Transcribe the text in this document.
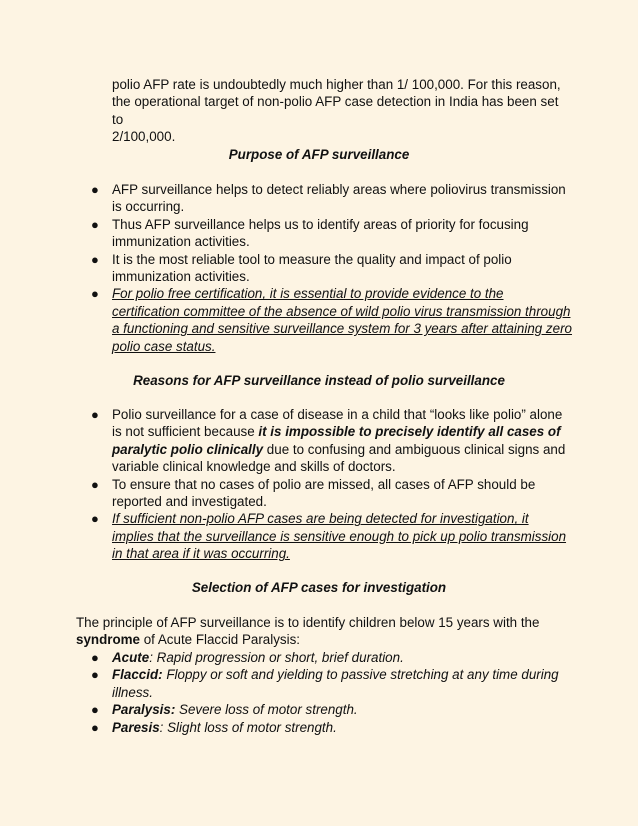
polio AFP rate is undoubtedly much higher than 1/ 100,000. For this reason,
the operational target of non-polio AFP case detection in India has been set to
2/100,000.

Purpose of AFP surveillance

● AFP surveillance helps to detect reliably areas where poliovirus transmission is occurring.
● Thus AFP surveillance helps us to identify areas of priority for focusing immunization activities.
● It is the most reliable tool to measure the quality and impact of polio immunization activities.
● For polio free certification, it is essential to provide evidence to the certification committee of the absence of wild polio virus transmission through a functioning and sensitive surveillance system for 3 years after attaining zero polio case status.

Reasons for AFP surveillance instead of polio surveillance

● Polio surveillance for a case of disease in a child that “looks like polio” alone is not sufficient because it is impossible to precisely identify all cases of paralytic polio clinically due to confusing and ambiguous clinical signs and variable clinical knowledge and skills of doctors.
● To ensure that no cases of polio are missed, all cases of AFP should be reported and investigated.
● If sufficient non-polio AFP cases are being detected for investigation, it implies that the surveillance is sensitive enough to pick up polio transmission in that area if it was occurring.

Selection of AFP cases for investigation

The principle of AFP surveillance is to identify children below 15 years with the syndrome of Acute Flaccid Paralysis:
● Acute: Rapid progression or short, brief duration.
● Flaccid: Floppy or soft and yielding to passive stretching at any time during illness.
● Paralysis: Severe loss of motor strength.
● Paresis: Slight loss of motor strength.
